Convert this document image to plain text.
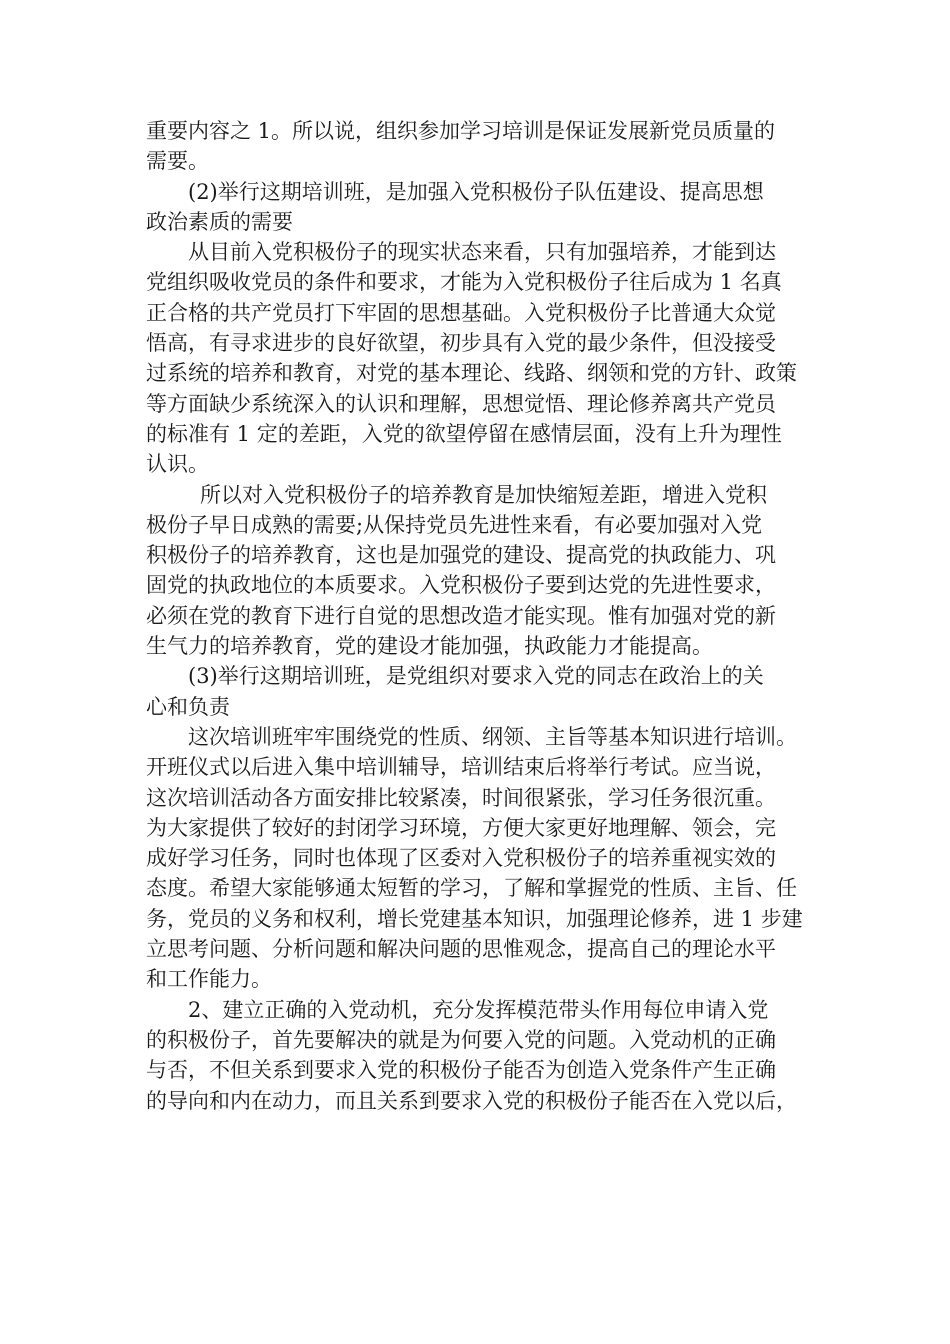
重要内容之 1。所以说，组织参加学习培训是保证发展新党员质量的
需要。
(2)举行这期培训班，是加强入党积极份子队伍建设、提高思想
政治素质的需要
从目前入党积极份子的现实状态来看，只有加强培养，才能到达
党组织吸收党员的条件和要求，才能为入党积极份子往后成为 1 名真
正合格的共产党员打下牢固的思想基础。入党积极份子比普通大众觉
悟高，有寻求进步的良好欲望，初步具有入党的最少条件，但没接受
过系统的培养和教育，对党的基本理论、线路、纲领和党的方针、政策
等方面缺少系统深入的认识和理解，思想觉悟、理论修养离共产党员
的标准有 1 定的差距，入党的欲望停留在感情层面，没有上升为理性
认识。
所以对入党积极份子的培养教育是加快缩短差距，增进入党积
极份子早日成熟的需要;从保持党员先进性来看，有必要加强对入党
积极份子的培养教育，这也是加强党的建设、提高党的执政能力、巩
固党的执政地位的本质要求。入党积极份子要到达党的先进性要求，
必须在党的教育下进行自觉的思想改造才能实现。惟有加强对党的新
生气力的培养教育，党的建设才能加强，执政能力才能提高。
(3)举行这期培训班，是党组织对要求入党的同志在政治上的关
心和负责
这次培训班牢牢围绕党的性质、纲领、主旨等基本知识进行培训。
开班仪式以后进入集中培训辅导，培训结束后将举行考试。应当说，
这次培训活动各方面安排比较紧凑，时间很紧张，学习任务很沉重。
为大家提供了较好的封闭学习环境，方便大家更好地理解、领会，完
成好学习任务，同时也体现了区委对入党积极份子的培养重视实效的
态度。希望大家能够通太短暂的学习，了解和掌握党的性质、主旨、任
务，党员的义务和权利，增长党建基本知识，加强理论修养，进 1 步建
立思考问题、分析问题和解决问题的思惟观念，提高自己的理论水平
和工作能力。
2、建立正确的入党动机，充分发挥模范带头作用每位申请入党
的积极份子，首先要解决的就是为何要入党的问题。入党动机的正确
与否，不但关系到要求入党的积极份子能否为创造入党条件产生正确
的导向和内在动力，而且关系到要求入党的积极份子能否在入党以后，
